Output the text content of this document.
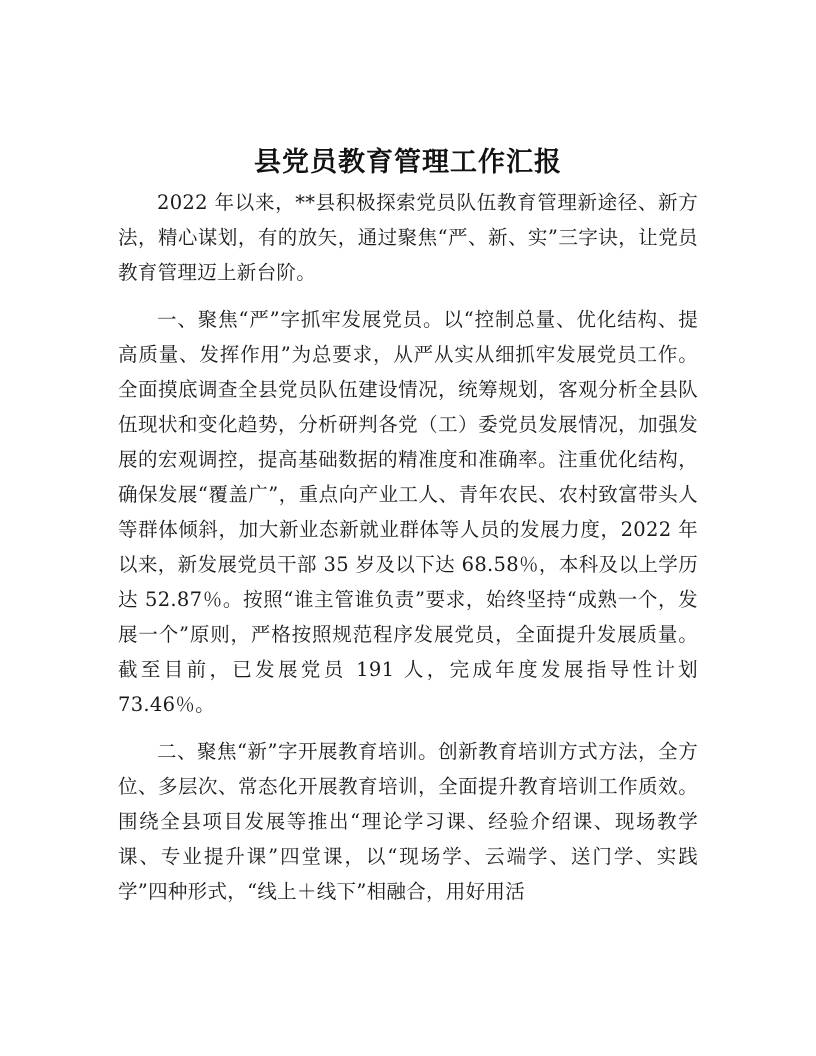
县党员教育管理工作汇报

2022 年以来，**县积极探索党员队伍教育管理新途径、新方法，精心谋划，有的放矢，通过聚焦“严、新、实”三字诀，让党员教育管理迈上新台阶。

一、聚焦“严”字抓牢发展党员。以“控制总量、优化结构、提高质量、发挥作用”为总要求，从严从实从细抓牢发展党员工作。全面摸底调查全县党员队伍建设情况，统筹规划，客观分析全县队伍现状和变化趋势，分析研判各党（工）委党员发展情况，加强发展的宏观调控，提高基础数据的精准度和准确率。注重优化结构，确保发展“覆盖广”，重点向产业工人、青年农民、农村致富带头人等群体倾斜，加大新业态新就业群体等人员的发展力度，2022 年以来，新发展党员干部 35 岁及以下达 68.58％，本科及以上学历达 52.87％。按照“谁主管谁负责”要求，始终坚持“成熟一个，发展一个”原则，严格按照规范程序发展党员，全面提升发展质量。截至目前，已发展党员 191 人，完成年度发展指导性计划 73.46％。

二、聚焦“新”字开展教育培训。创新教育培训方式方法，全方位、多层次、常态化开展教育培训，全面提升教育培训工作质效。围绕全县项目发展等推出“理论学习课、经验介绍课、现场教学课、专业提升课”四堂课，以“现场学、云端学、送门学、实践学”四种形式，“线上＋线下”相融合，用好用活
